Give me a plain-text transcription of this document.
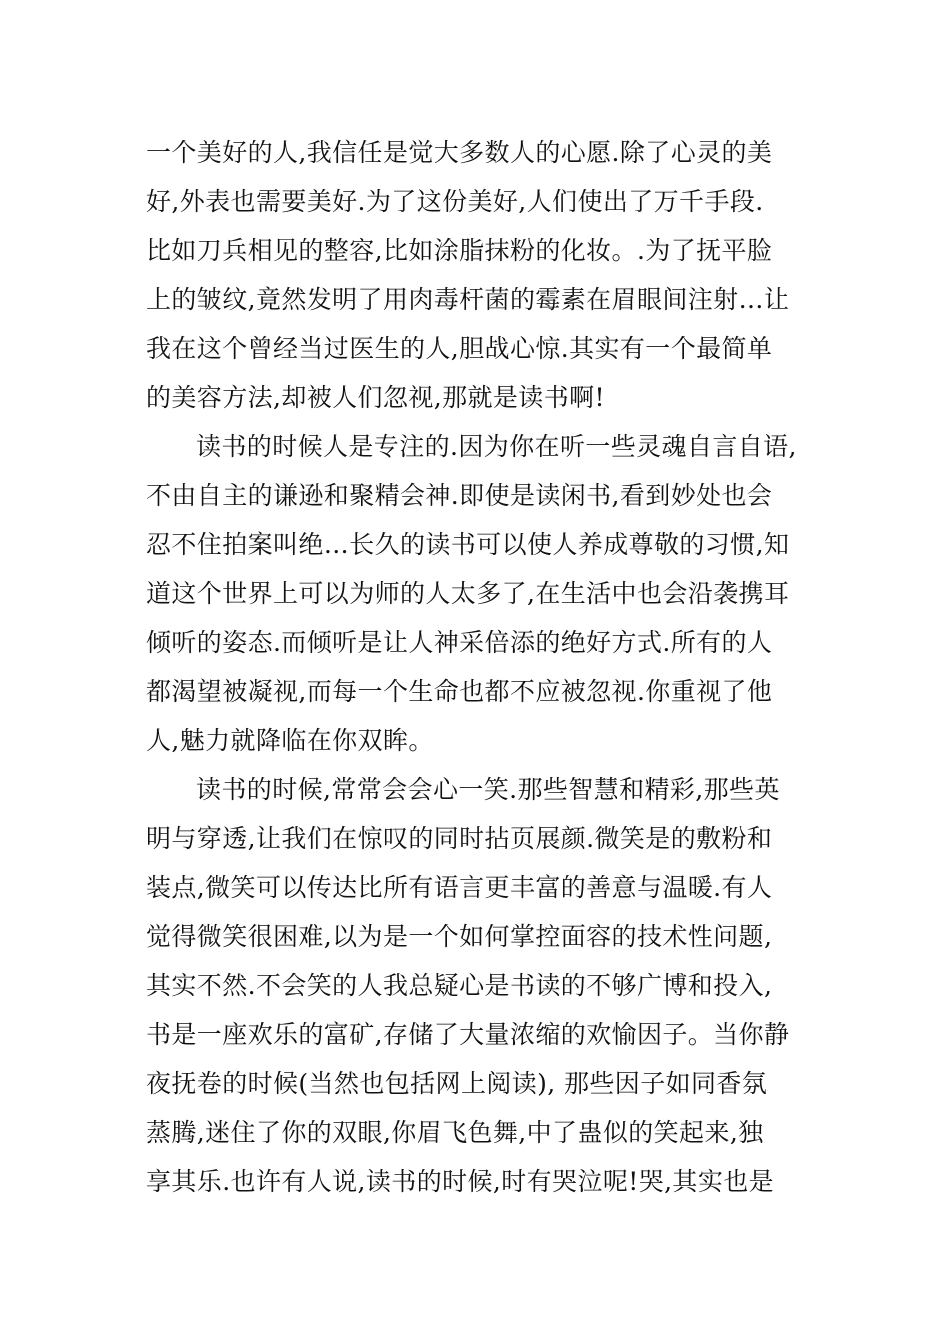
一个美好的人,我信任是觉大多数人的心愿.除了心灵的美
好,外表也需要美好.为了这份美好,人们使出了万千手段.
比如刀兵相见的整容,比如涂脂抹粉的化妆。.为了抚平脸
上的皱纹,竟然发明了用肉毒杆菌的霉素在眉眼间注射…让
我在这个曾经当过医生的人,胆战心惊.其实有一个最简单
的美容方法,却被人们忽视,那就是读书啊!
读书的时候人是专注的.因为你在听一些灵魂自言自语,
不由自主的谦逊和聚精会神.即使是读闲书,看到妙处也会
忍不住拍案叫绝…长久的读书可以使人养成尊敬的习惯,知
道这个世界上可以为师的人太多了,在生活中也会沿袭携耳
倾听的姿态.而倾听是让人神采倍添的绝好方式.所有的人
都渴望被凝视,而每一个生命也都不应被忽视.你重视了他
人,魅力就降临在你双眸。
读书的时候,常常会会心一笑.那些智慧和精彩,那些英
明与穿透,让我们在惊叹的同时拈页展颜.微笑是的敷粉和
装点,微笑可以传达比所有语言更丰富的善意与温暖.有人
觉得微笑很困难,以为是一个如何掌控面容的技术性问题,
其实不然.不会笑的人我总疑心是书读的不够广博和投入,
书是一座欢乐的富矿,存储了大量浓缩的欢愉因子。当你静
夜抚卷的时候(当然也包括网上阅读), 那些因子如同香氛
蒸腾,迷住了你的双眼,你眉飞色舞,中了蛊似的笑起来,独
享其乐.也许有人说,读书的时候,时有哭泣呢!哭,其实也是
